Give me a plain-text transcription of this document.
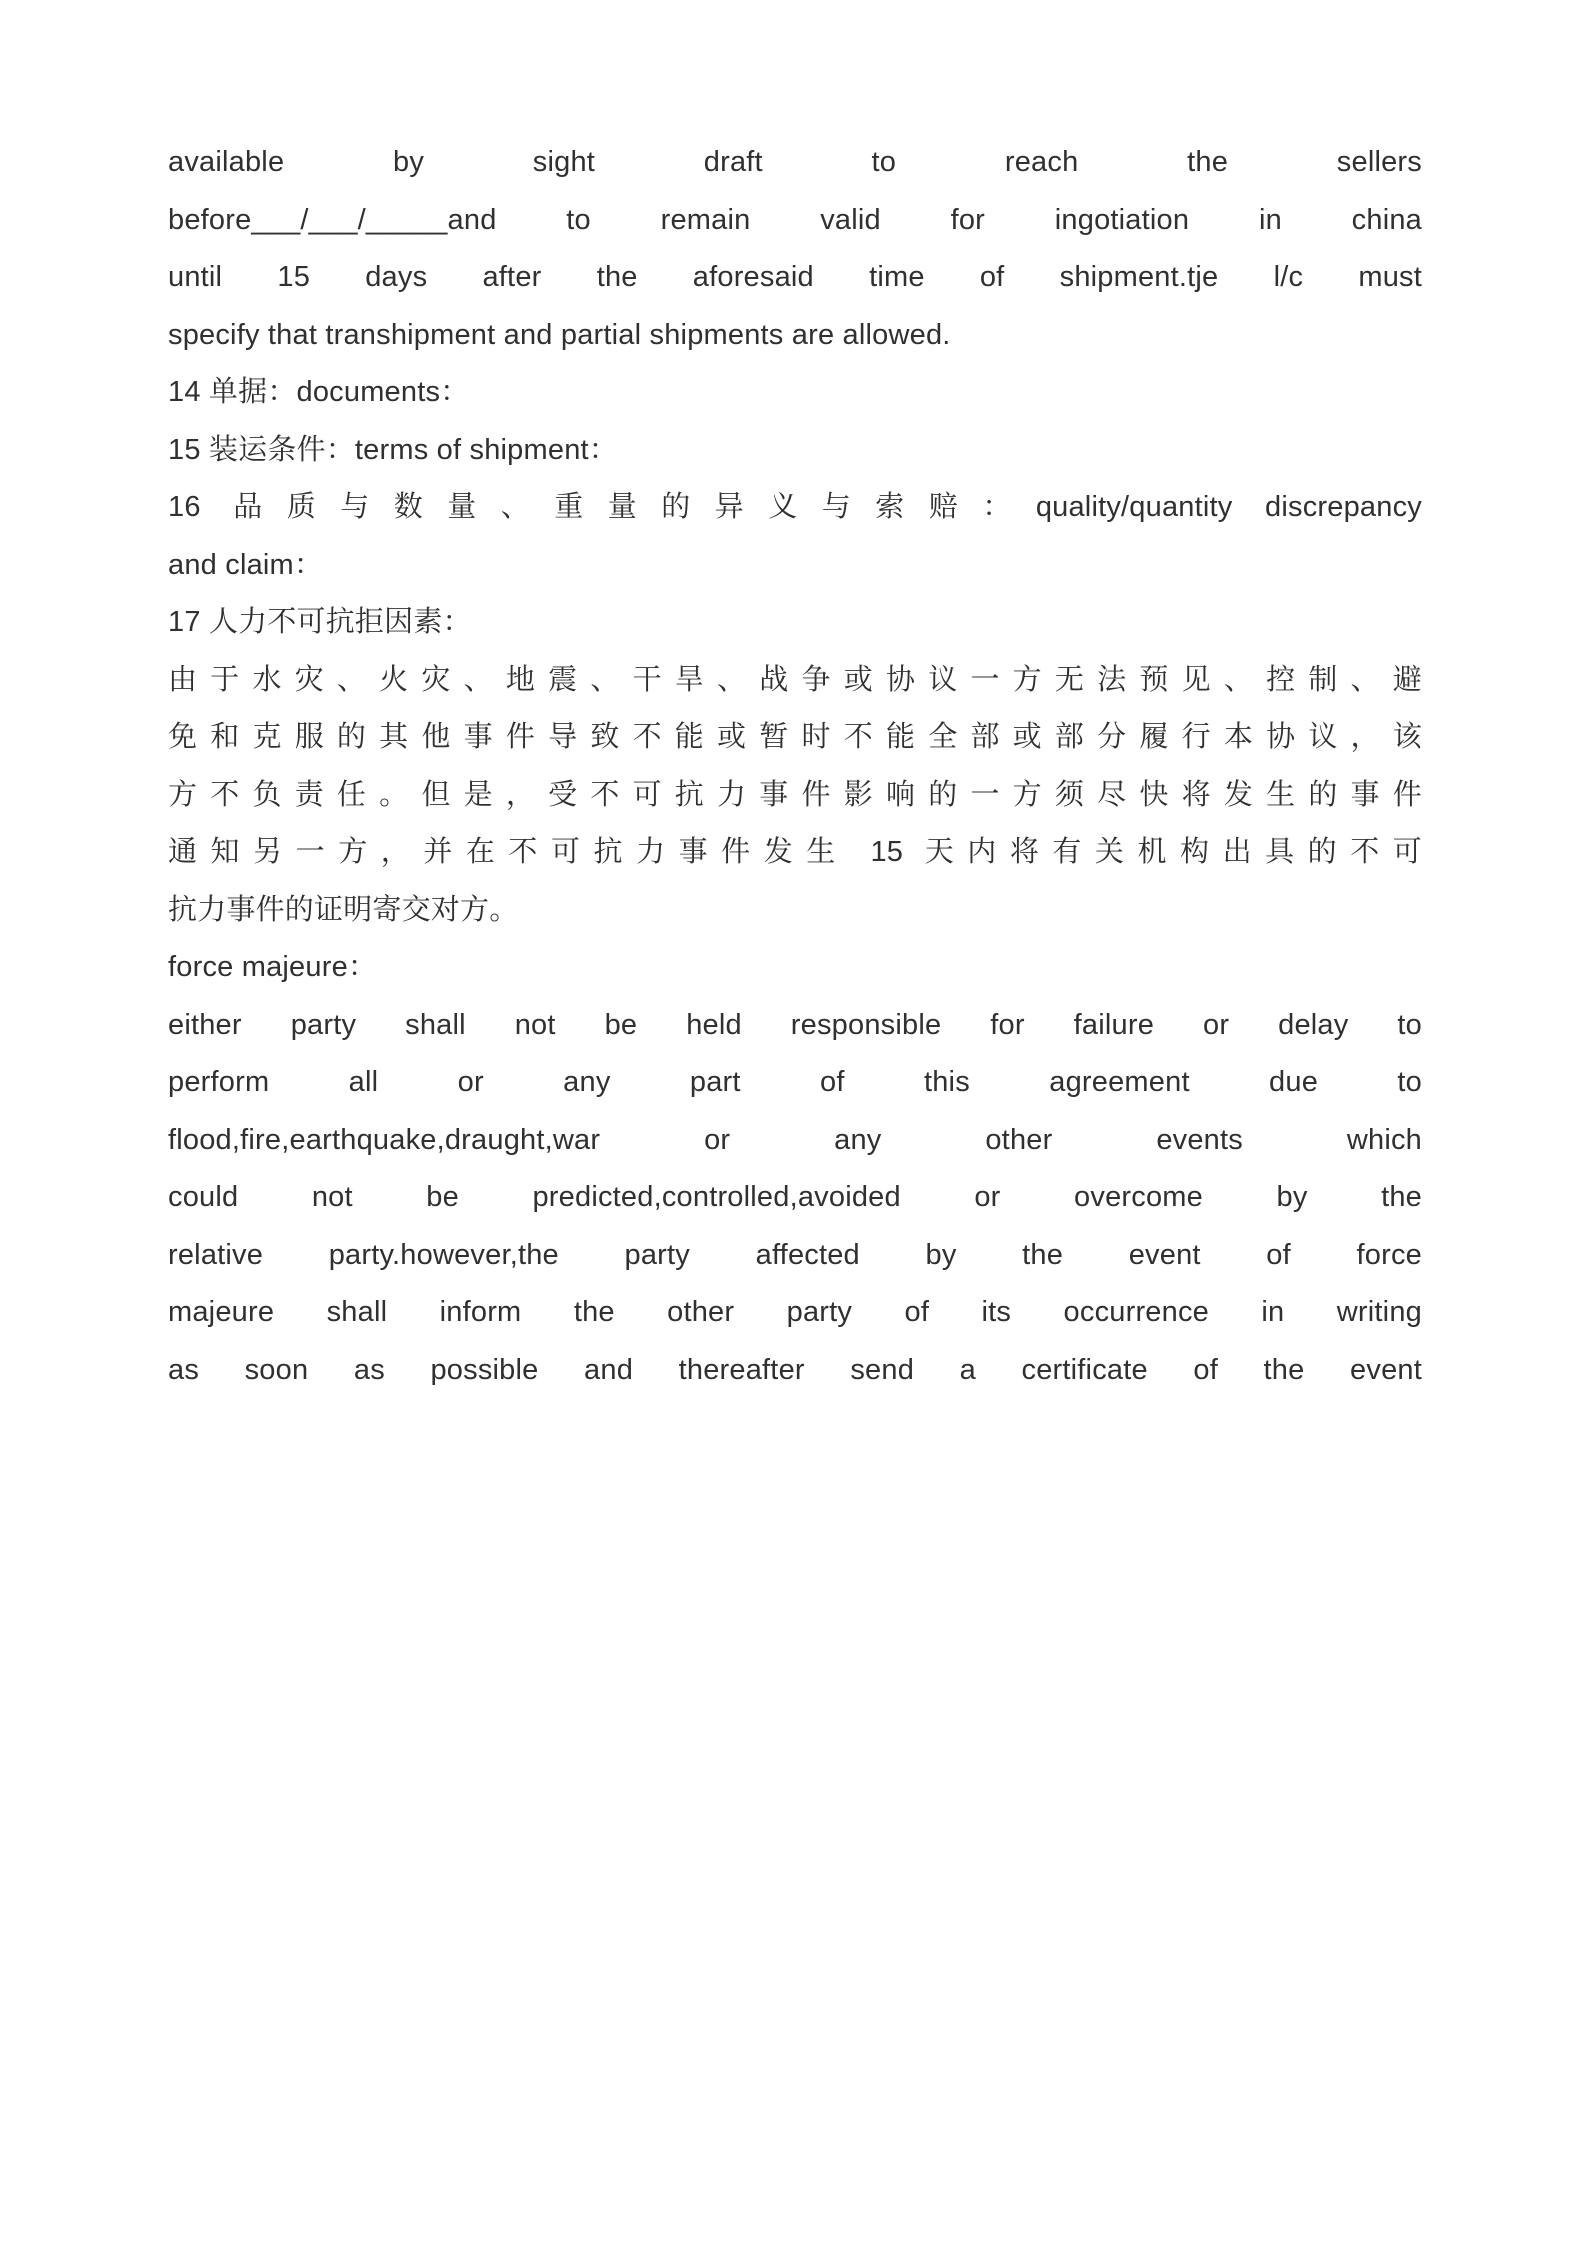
available by sight draft to reach the sellers
before___/___/_____and to remain valid for ingotiation in china
until 15 days after the aforesaid time of shipment.tje l/c must
specify that transhipment and partial shipments are allowed.
14 单据：documents：
15 装运条件：terms of shipment：
16 品质与数量、重量的异义与索赔：quality/quantity discrepancy
and claim：
17 人力不可抗拒因素：
由于水灾、火灾、地震、干旱、战争或协议一方无法预见、控制、避
免和克服的其他事件导致不能或暂时不能全部或部分履行本协议，该
方不负责任。但是，受不可抗力事件影响的一方须尽快将发生的事件
通知另一方，并在不可抗力事件发生 15 天内将有关机构出具的不可
抗力事件的证明寄交对方。
force majeure：
either party shall not be held responsible for failure or delay to
perform all or any part of this agreement due to
flood,fire,earthquake,draught,war or any other events which
could not be predicted,controlled,avoided or overcome by the
relative party.however,the party affected by the event of force
majeure shall inform the other party of its occurrence in writing
as soon as possible and thereafter send a certificate of the event
